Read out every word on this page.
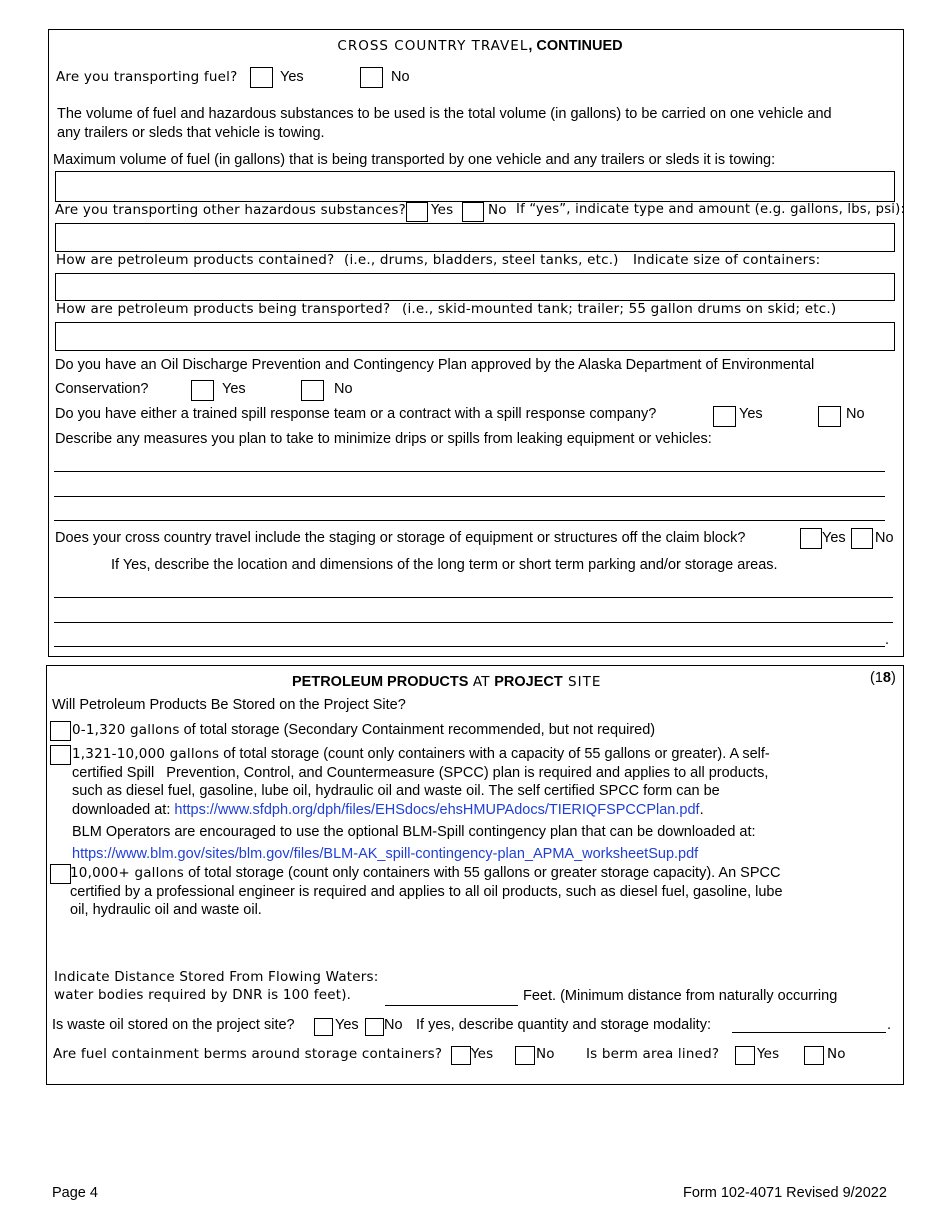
CROSS COUNTRY TRAVEL, CONTINUED
Are you transporting fuel?	Yes	No
The volume of fuel and hazardous substances to be used is the total volume (in gallons) to be carried on one vehicle and
any trailers or sleds that vehicle is towing.
Maximum volume of fuel (in gallons) that is being transported by one vehicle and any trailers or sleds it is towing:
Are you transporting other hazardous substances? Yes	No If “yes”, indicate type and amount (e.g. gallons, lbs, psi):
How are petroleum products contained? (i.e., drums, bladders, steel tanks, etc.) Indicate size of containers:
How are petroleum products being transported? (i.e., skid-mounted tank; trailer; 55 gallon drums on skid; etc.)
Do you have an Oil Discharge Prevention and Contingency Plan approved by the Alaska Department of Environmental
Conservation?	Yes	No
Do you have either a trained spill response team or a contract with a spill response company?	Yes	No
Describe any measures you plan to take to minimize drips or spills from leaking equipment or vehicles:
Does your cross country travel include the staging or storage of equipment or structures off the claim block?	Yes No
If Yes, describe the location and dimensions of the long term or short term parking and/or storage areas.
.
PETROLEUM PRODUCTS AT PROJECT SITE	(18)
Will Petroleum Products Be Stored on the Project Site?
0-1,320 gallons of total storage (Secondary Containment recommended, but not required)
1,321-10,000 gallons of total storage (count only containers with a capacity of 55 gallons or greater). A self-
certified Spill   Prevention, Control, and Countermeasure (SPCC) plan is required and applies to all products,
such as diesel fuel, gasoline, lube oil, hydraulic oil and waste oil. The self certified SPCC form can be
downloaded at: https://www.sfdph.org/dph/files/EHSdocs/ehsHMUPAdocs/TIERIQFSPCCPlan.pdf.
BLM Operators are encouraged to use the optional BLM-Spill contingency plan that can be downloaded at:
https://www.blm.gov/sites/blm.gov/files/BLM-AK_spill-contingency-plan_APMA_worksheetSup.pdf
10,000+ gallons of total storage (count only containers with 55 gallons or greater storage capacity). An SPCC
certified by a professional engineer is required and applies to all oil products, such as diesel fuel, gasoline, lube
oil, hydraulic oil and waste oil.
Indicate Distance Stored From Flowing Waters:
water bodies required by DNR is 100 feet).	Feet. (Minimum distance from naturally occurring
Is waste oil stored on the project site?	Yes No If yes, describe quantity and storage modality:	.
Are fuel containment berms around storage containers? Yes	No Is berm area lined?	Yes	No
Page 4	Form 102-4071 Revised 9/2022
